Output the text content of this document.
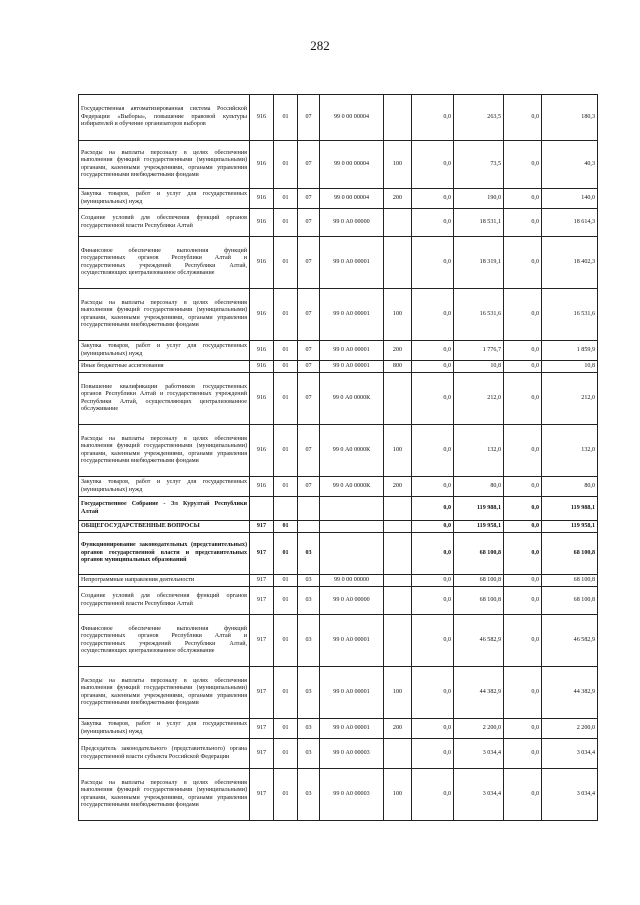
282
Государственная автоматизированная система Российской Федерации «Выборы», повышение правовой культуры избирателей и обучение организаторов выборов	916	01	07	99 0 00 00004		0,0	263,5	0,0	180,3
Расходы на выплаты персоналу в целях обеспечения выполнения функций государственными (муниципальными) органами, казенными учреждениями, органами управления государственными внебюджетными фондами	916	01	07	99 0 00 00004	100	0,0	73,5	0,0	40,3
Закупка товаров, работ и услуг для государственных (муниципальных) нужд	916	01	07	99 0 00 00004	200	0,0	190,0	0,0	140,0
Создание условий для обеспечения функций органов государственной власти Республики Алтай	916	01	07	99 0 А0 00000		0,0	18 531,1	0,0	18 614,3
Финансовое обеспечение выполнения функций государственных органов Республики Алтай и государственных учреждений Республики Алтай, осуществляющих централизованное обслуживание	916	01	07	99 0 А0 00001		0,0	18 319,1	0,0	18 402,3
Расходы на выплаты персоналу в целях обеспечения выполнения функций государственными (муниципальными) органами, казенными учреждениями, органами управления государственными внебюджетными фондами	916	01	07	99 0 А0 00001	100	0,0	16 531,6	0,0	16 531,6
Закупка товаров, работ и услуг для государственных (муниципальных) нужд	916	01	07	99 0 А0 00001	200	0,0	1 776,7	0,0	1 859,9
Иные бюджетные ассигнования	916	01	07	99 0 А0 00001	800	0,0	10,8	0,0	10,8
Повышение квалификации работников государственных органов Республики Алтай и государственных учреждений Республики Алтай, осуществляющих централизованное обслуживание	916	01	07	99 0 А0 0000К		0,0	212,0	0,0	212,0
Расходы на выплаты персоналу в целях обеспечения выполнения функций государственными (муниципальными) органами, казенными учреждениями, органами управления государственными внебюджетными фондами	916	01	07	99 0 А0 0000К	100	0,0	132,0	0,0	132,0
Закупка товаров, работ и услуг для государственных (муниципальных) нужд	916	01	07	99 0 А0 0000К	200	0,0	80,0	0,0	80,0
Государственное Собрание - Эл Курултай Республики Алтай						0,0	119 988,1	0,0	119 988,1
ОБЩЕГОСУДАРСТВЕННЫЕ ВОПРОСЫ	917	01				0,0	119 958,1	0,0	119 958,1
Функционирование законодательных (представительных) органов государственной власти и представительных органов муниципальных образований	917	01	03			0,0	68 100,8	0,0	68 100,8
Непрограммные направления деятельности	917	01	03	99 0 00 00000		0,0	68 100,8	0,0	68 100,8
Создание условий для обеспечения функций органов государственной власти Республики Алтай	917	01	03	99 0 А0 00000		0,0	68 100,8	0,0	68 100,8
Финансовое обеспечение выполнения функций государственных органов Республики Алтай и государственных учреждений Республики Алтай, осуществляющих централизованное обслуживание	917	01	03	99 0 А0 00001		0,0	46 582,9	0,0	46 582,9
Расходы на выплаты персоналу в целях обеспечения выполнения функций государственными (муниципальными) органами, казенными учреждениями, органами управления государственными внебюджетными фондами	917	01	03	99 0 А0 00001	100	0,0	44 382,9	0,0	44 382,9
Закупка товаров, работ и услуг для государственных (муниципальных) нужд	917	01	03	99 0 А0 00001	200	0,0	2 200,0	0,0	2 200,0
Председатель законодательного (представительного) органа государственной власти субъекта Российской Федерации	917	01	03	99 0 А0 00003		0,0	3 034,4	0,0	3 034,4
Расходы на выплаты персоналу в целях обеспечения выполнения функций государственными (муниципальными) органами, казенными учреждениями, органами управления государственными внебюджетными фондами	917	01	03	99 0 А0 00003	100	0,0	3 034,4	0,0	3 034,4
